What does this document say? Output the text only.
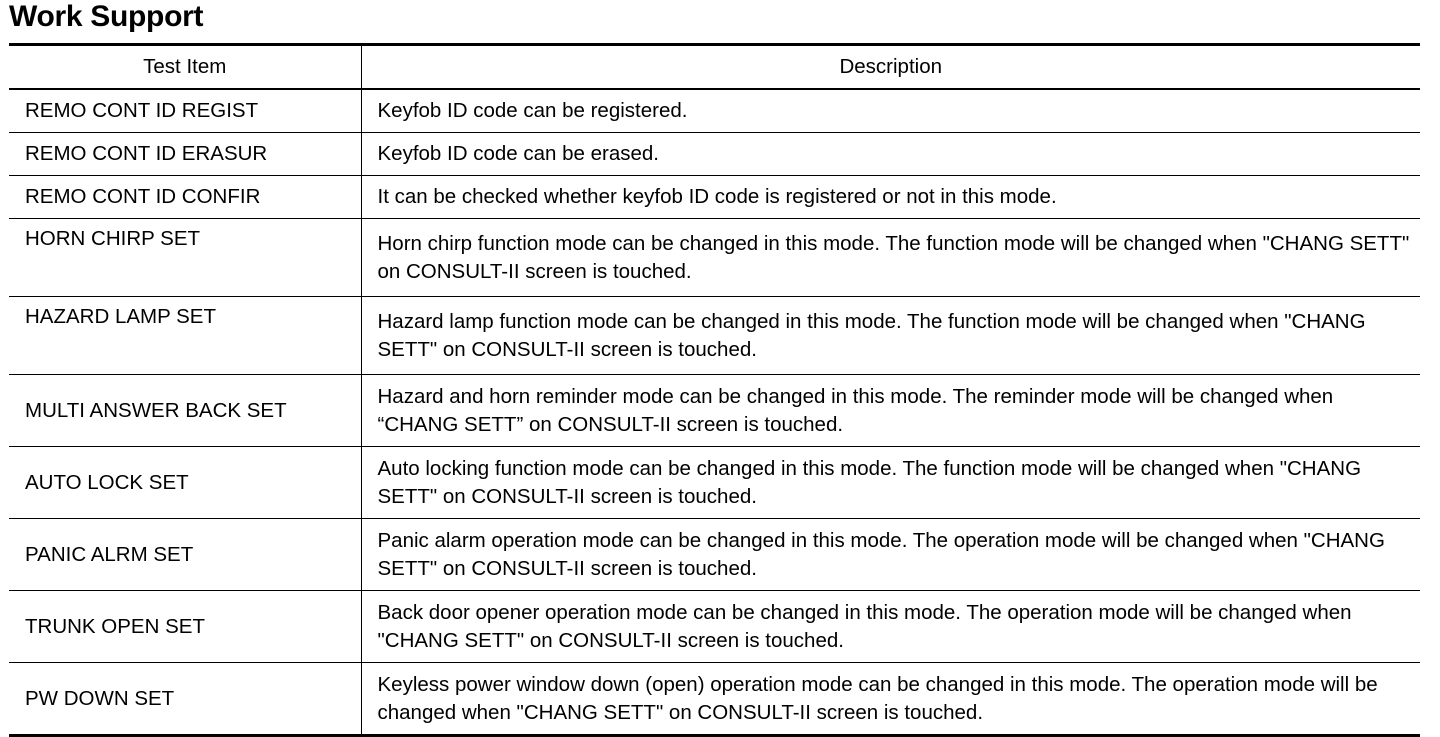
Work Support
Test Item	Description
REMO CONT ID REGIST	Keyfob ID code can be registered.
REMO CONT ID ERASUR	Keyfob ID code can be erased.
REMO CONT ID CONFIR	It can be checked whether keyfob ID code is registered or not in this mode.
HORN CHIRP SET	Horn chirp function mode can be changed in this mode. The function mode will be changed when "CHANG SETT" on CONSULT-II screen is touched.
HAZARD LAMP SET	Hazard lamp function mode can be changed in this mode. The function mode will be changed when "CHANG SETT" on CONSULT-II screen is touched.
MULTI ANSWER BACK SET	Hazard and horn reminder mode can be changed in this mode. The reminder mode will be changed when “CHANG SETT” on CONSULT-II screen is touched.
AUTO LOCK SET	Auto locking function mode can be changed in this mode. The function mode will be changed when "CHANG SETT" on CONSULT-II screen is touched.
PANIC ALRM SET	Panic alarm operation mode can be changed in this mode. The operation mode will be changed when "CHANG SETT" on CONSULT-II screen is touched.
TRUNK OPEN SET	Back door opener operation mode can be changed in this mode. The operation mode will be changed when "CHANG SETT" on CONSULT-II screen is touched.
PW DOWN SET	Keyless power window down (open) operation mode can be changed in this mode. The operation mode will be changed when "CHANG SETT" on CONSULT-II screen is touched.
